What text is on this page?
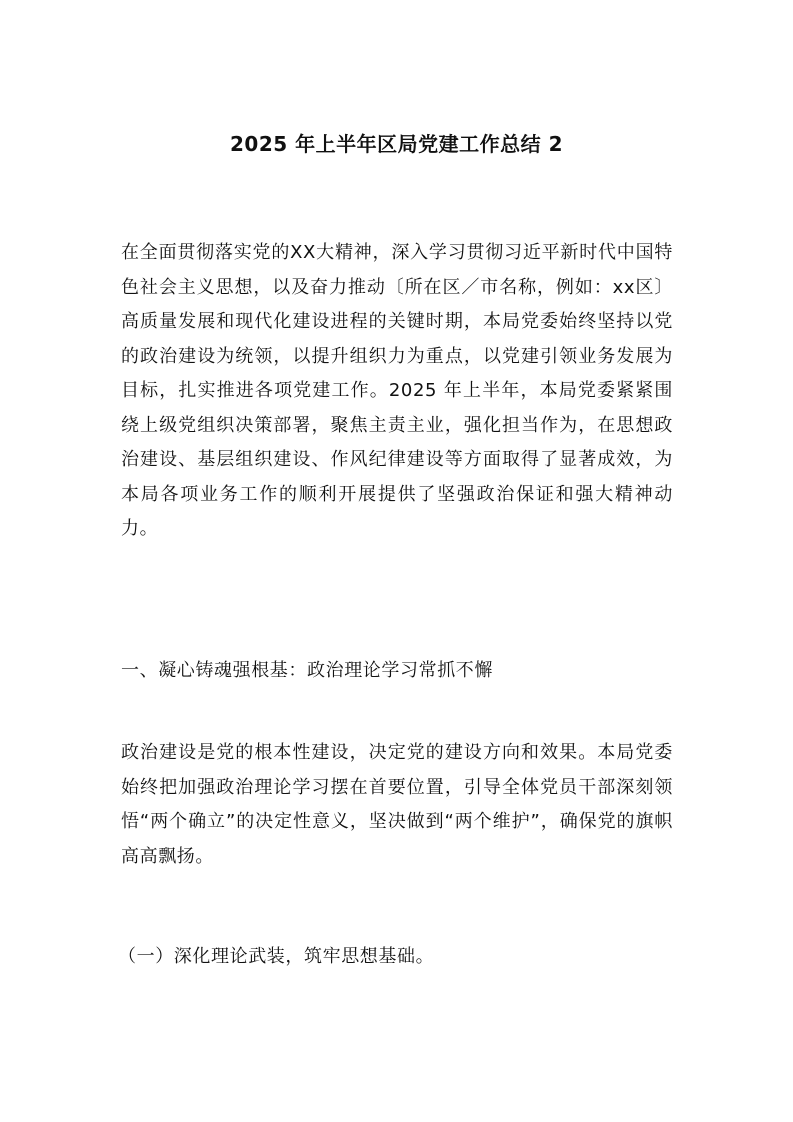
2025 年上半年区局党建工作总结 2

在全面贯彻落实党的XX大精神，深入学习贯彻习近平新时代中国特色社会主义思想，以及奋力推动〔所在区／市名称，例如：xx区〕高质量发展和现代化建设进程的关键时期，本局党委始终坚持以党的政治建设为统领，以提升组织力为重点，以党建引领业务发展为目标，扎实推进各项党建工作。2025 年上半年，本局党委紧紧围绕上级党组织决策部署，聚焦主责主业，强化担当作为，在思想政治建设、基层组织建设、作风纪律建设等方面取得了显著成效，为本局各项业务工作的顺利开展提供了坚强政治保证和强大精神动力。

一、凝心铸魂强根基：政治理论学习常抓不懈

政治建设是党的根本性建设，决定党的建设方向和效果。本局党委始终把加强政治理论学习摆在首要位置，引导全体党员干部深刻领悟“两个确立”的决定性意义，坚决做到“两个维护”，确保党的旗帜高高飘扬。

（一）深化理论武装，筑牢思想基础。
